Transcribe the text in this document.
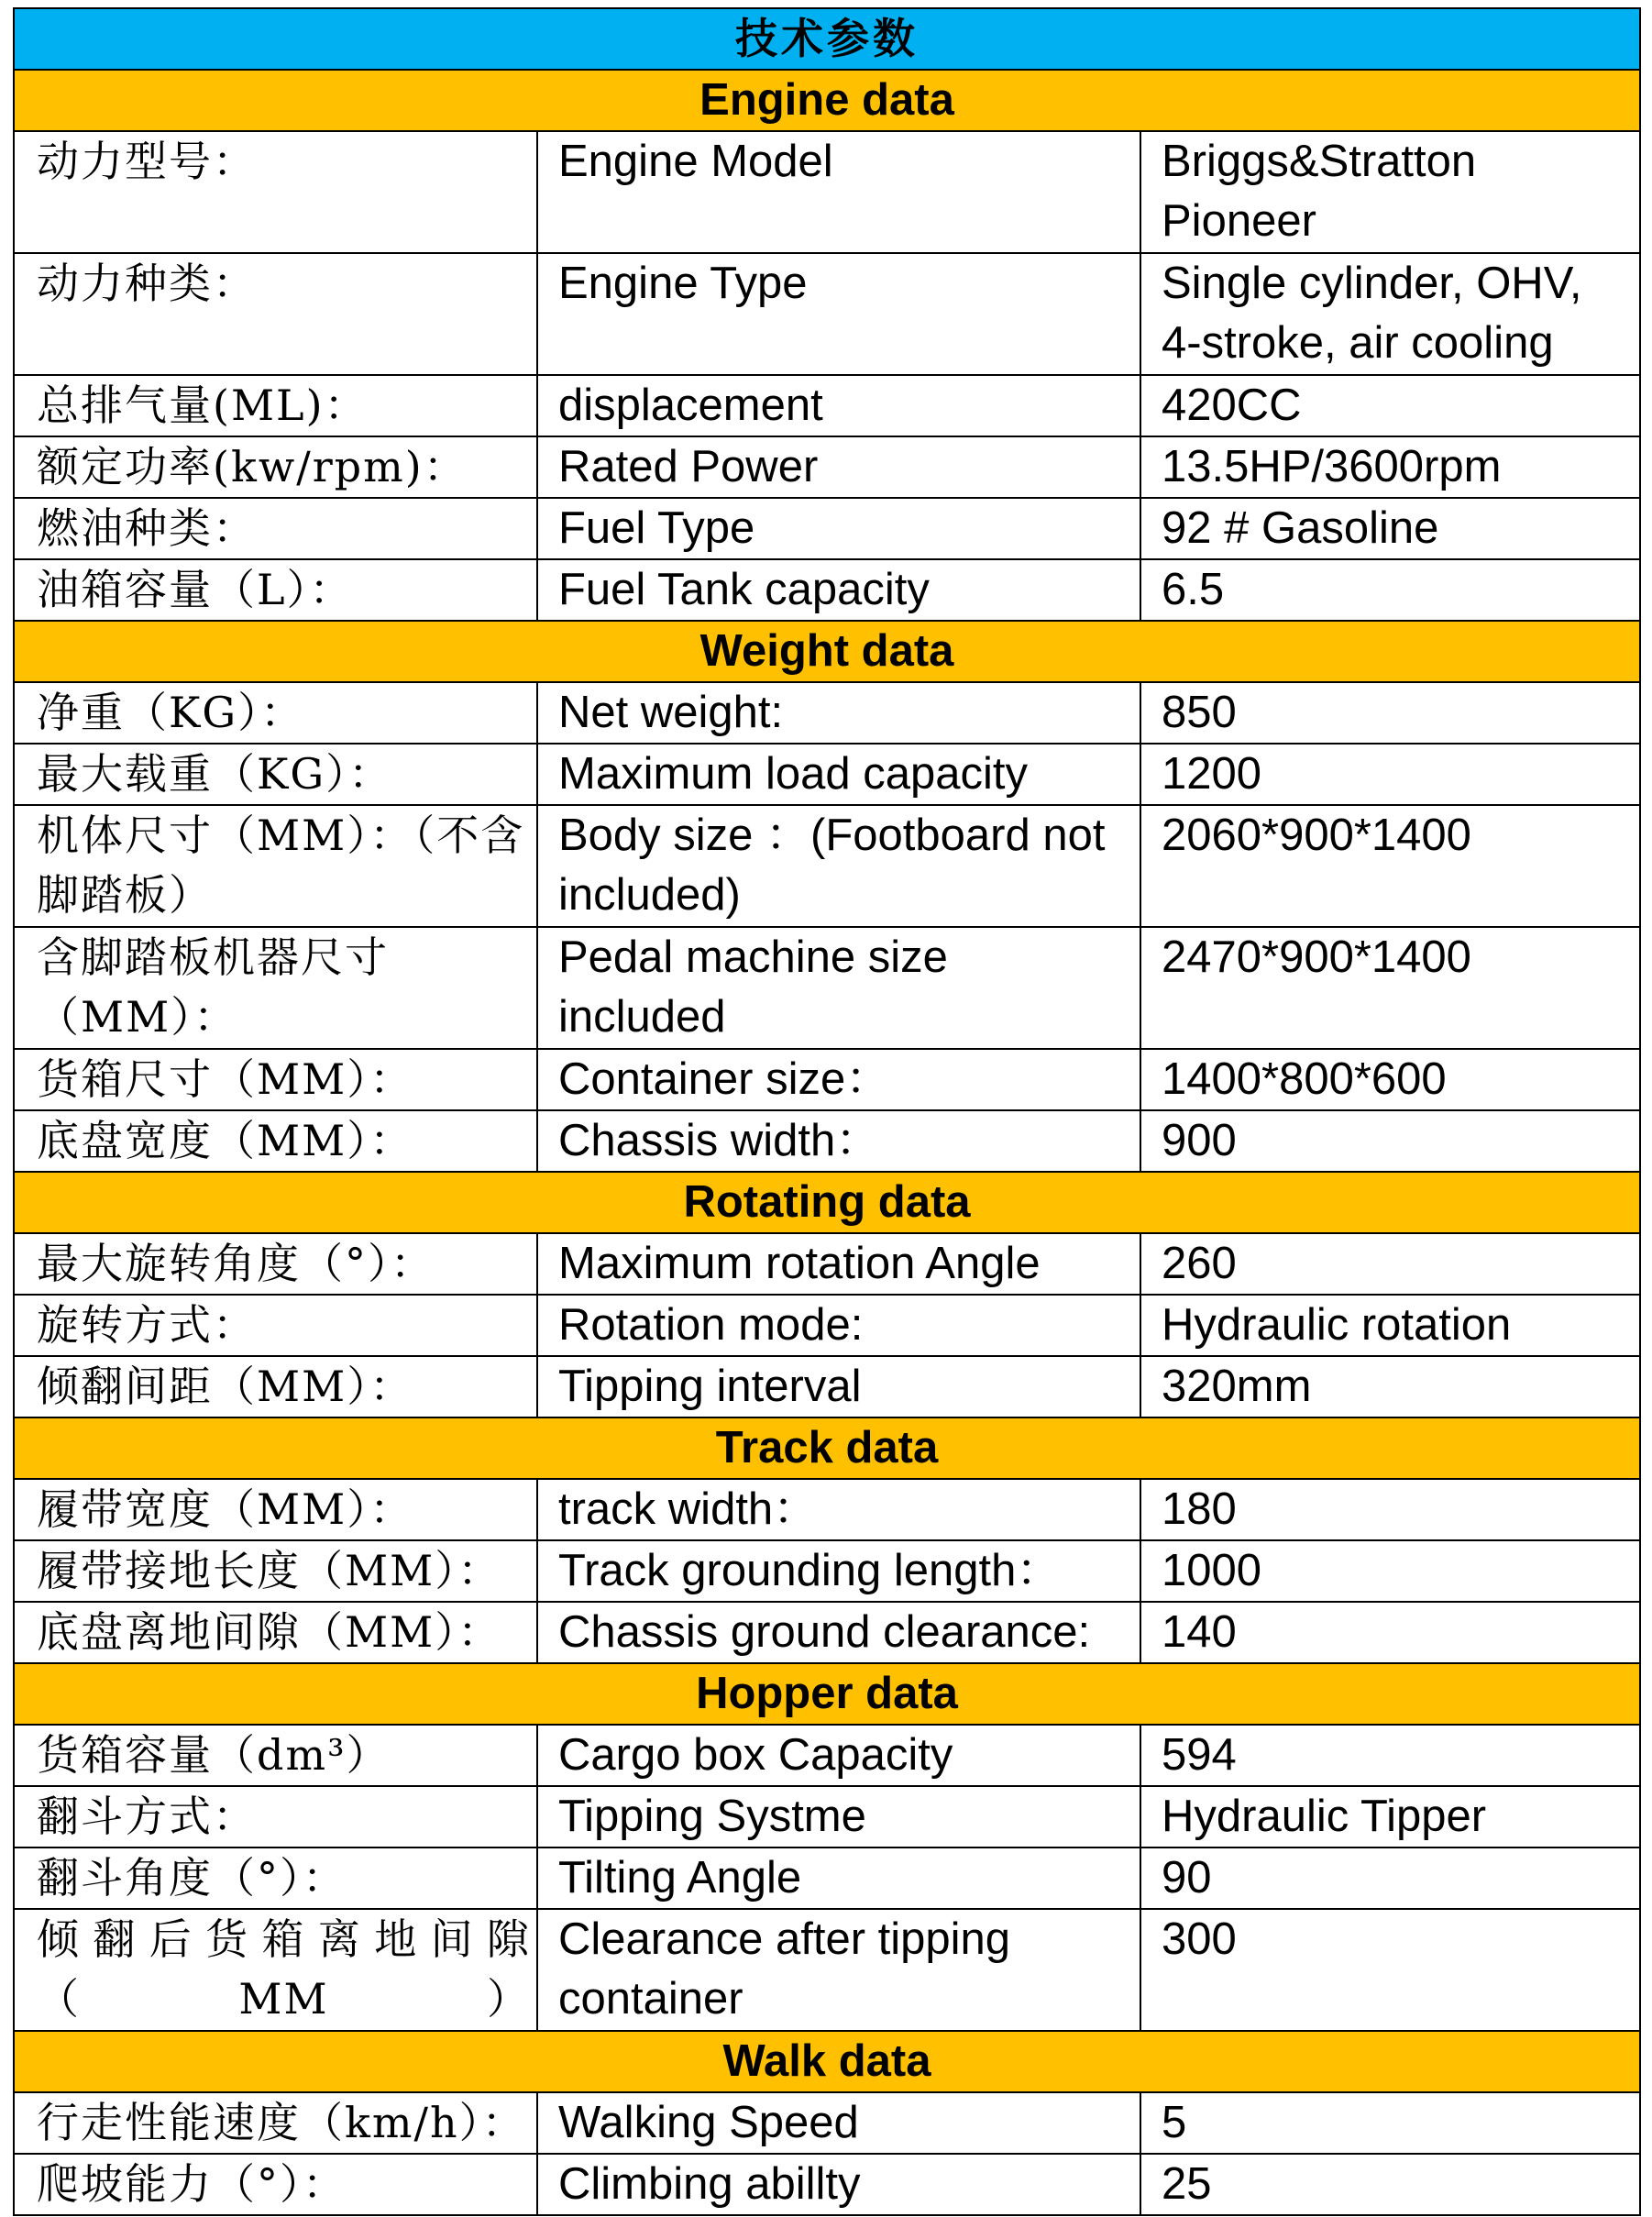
技术参数		
Engine data		
动力型号：	Engine Model	Briggs&Stratton Pioneer
动力种类：	Engine Type	Single cylinder, OHV, 4-stroke, air cooling
总排气量(ML)：	displacement	420CC
额定功率(kw/rpm)：	Rated Power	13.5HP/3600rpm
燃油种类：	Fuel Type	92 # Gasoline
油箱容量（L）：	Fuel Tank capacity	6.5
Weight data		
净重（KG）：	Net weight:	850
最大载重（KG）：	Maximum load capacity	1200
机体尺寸（MM）：（不含脚踏板）	Body size ：(Footboard not included)	2060*900*1400
含脚踏板机器尺寸（MM）：	Pedal machine size included	2470*900*1400
货箱尺寸（MM）：	Container size：	1400*800*600
底盘宽度（MM）：	Chassis width：	900
Rotating data		
最大旋转角度（°）：	Maximum rotation Angle	260
旋转方式：	Rotation mode:	Hydraulic rotation
倾翻间距（MM）：	Tipping interval	320mm
Track data		
履带宽度（MM）：	track width：	180
履带接地长度（MM）：	Track grounding length：	1000
底盘离地间隙（MM）：	Chassis ground clearance:	140
Hopper data		
货箱容量（dm³）	Cargo box Capacity	594
翻斗方式：	Tipping Systme	Hydraulic Tipper
翻斗角度（°）：	Tilting Angle	90
倾翻后货箱离地间隙（MM）	Clearance after tipping container	300
Walk data		
行走性能速度（km/h）：	Walking Speed	5
爬坡能力（°）：	Climbing abillty	25
